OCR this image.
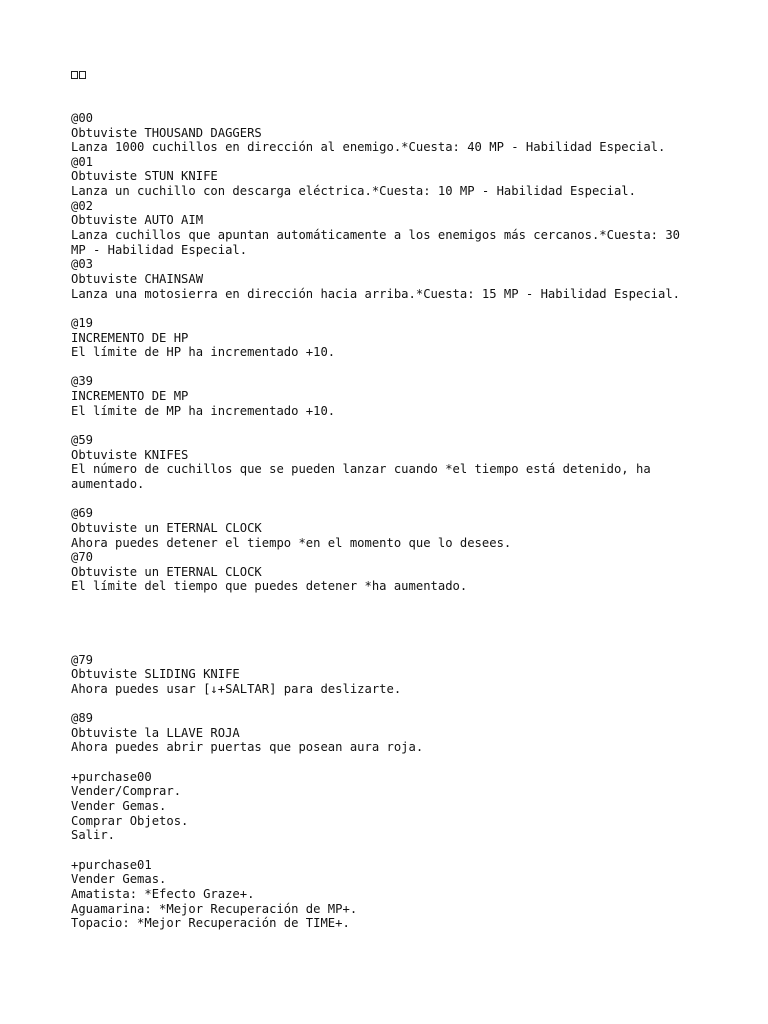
@00
Obtuviste THOUSAND DAGGERS
Lanza 1000 cuchillos en dirección al enemigo.*Cuesta: 40 MP - Habilidad Especial.
@01
Obtuviste STUN KNIFE
Lanza un cuchillo con descarga eléctrica.*Cuesta: 10 MP - Habilidad Especial.
@02
Obtuviste AUTO AIM
Lanza cuchillos que apuntan automáticamente a los enemigos más cercanos.*Cuesta: 30
MP - Habilidad Especial.
@03
Obtuviste CHAINSAW
Lanza una motosierra en dirección hacia arriba.*Cuesta: 15 MP - Habilidad Especial.
@19
INCREMENTO DE HP
El límite de HP ha incrementado +10.
@39
INCREMENTO DE MP
El límite de MP ha incrementado +10.
@59
Obtuviste KNIFES
El número de cuchillos que se pueden lanzar cuando *el tiempo está detenido, ha
aumentado.
@69
Obtuviste un ETERNAL CLOCK
Ahora puedes detener el tiempo *en el momento que lo desees.
@70
Obtuviste un ETERNAL CLOCK
El límite del tiempo que puedes detener *ha aumentado.
@79
Obtuviste SLIDING KNIFE
Ahora puedes usar [↓+SALTAR] para deslizarte.
@89
Obtuviste la LLAVE ROJA
Ahora puedes abrir puertas que posean aura roja.
+purchase00
Vender/Comprar.
Vender Gemas.
Comprar Objetos.
Salir.
+purchase01
Vender Gemas.
Amatista: *Efecto Graze+.
Aguamarina: *Mejor Recuperación de MP+.
Topacio: *Mejor Recuperación de TIME+.
